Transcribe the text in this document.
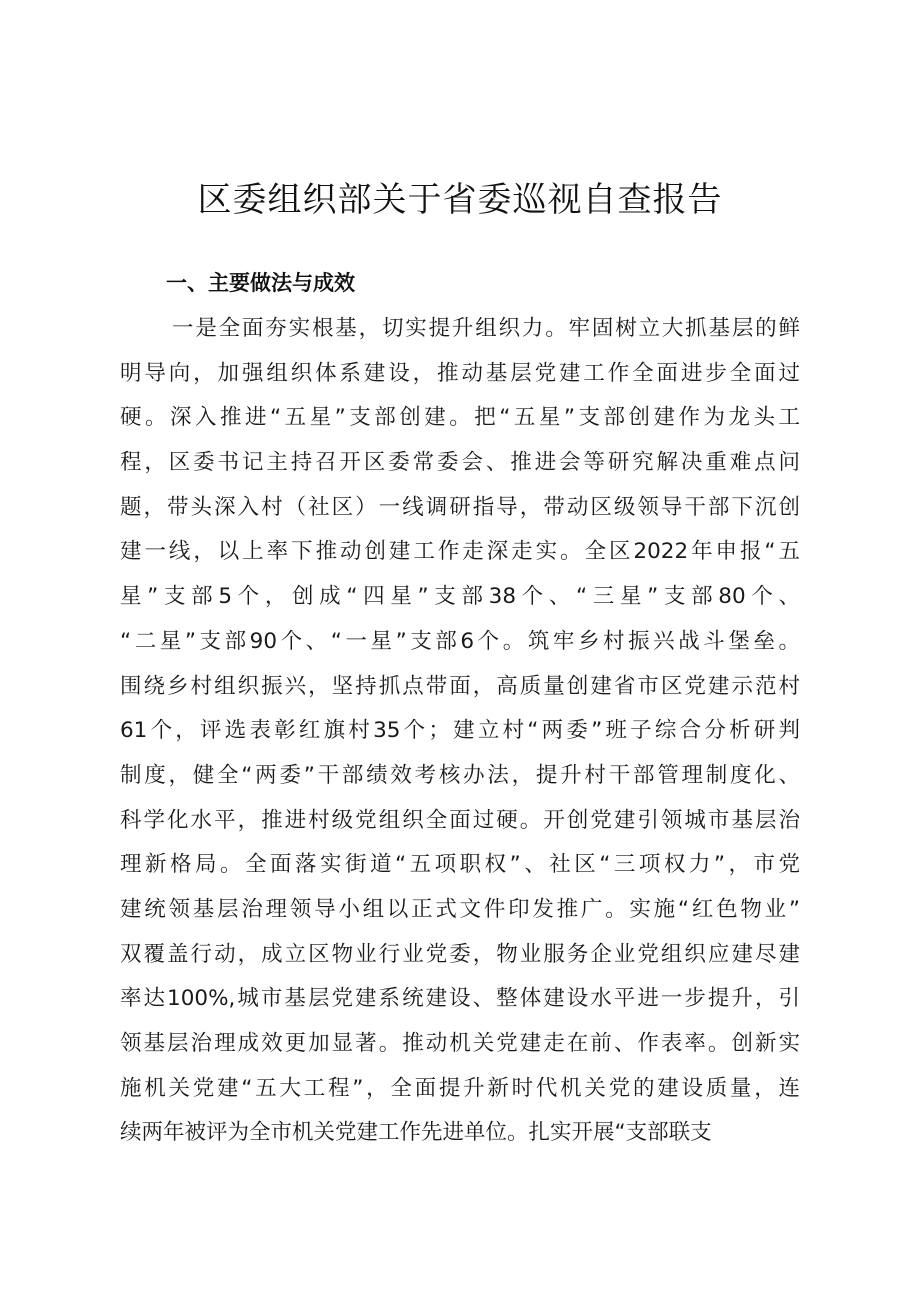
区委组织部关于省委巡视自查报告
一、主要做法与成效
一是全面夯实根基，切实提升组织力。牢固树立大抓基层的鲜
明导向，加强组织体系建设，推动基层党建工作全面进步全面过
硬。深入推进“五星”支部创建。把“五星”支部创建作为龙头工
程，区委书记主持召开区委常委会、推进会等研究解决重难点问
题，带头深入村（社区）一线调研指导，带动区级领导干部下沉创
建一线，以上率下推动创建工作走深走实。全区2022年申报“五
星”支部5个，创成“四星”支部38个、“三星”支部80个、
“二星”支部90个、“一星”支部6个。筑牢乡村振兴战斗堡垒。
围绕乡村组织振兴，坚持抓点带面，高质量创建省市区党建示范村
61个，评选表彰红旗村35个；建立村“两委”班子综合分析研判
制度，健全“两委”干部绩效考核办法，提升村干部管理制度化、
科学化水平，推进村级党组织全面过硬。开创党建引领城市基层治
理新格局。全面落实街道“五项职权”、社区“三项权力”，市党
建统领基层治理领导小组以正式文件印发推广。实施“红色物业”
双覆盖行动，成立区物业行业党委，物业服务企业党组织应建尽建
率达100%,城市基层党建系统建设、整体建设水平进一步提升，引
领基层治理成效更加显著。推动机关党建走在前、作表率。创新实
施机关党建“五大工程”，全面提升新时代机关党的建设质量，连
续两年被评为全市机关党建工作先进单位。扎实开展“支部联支
